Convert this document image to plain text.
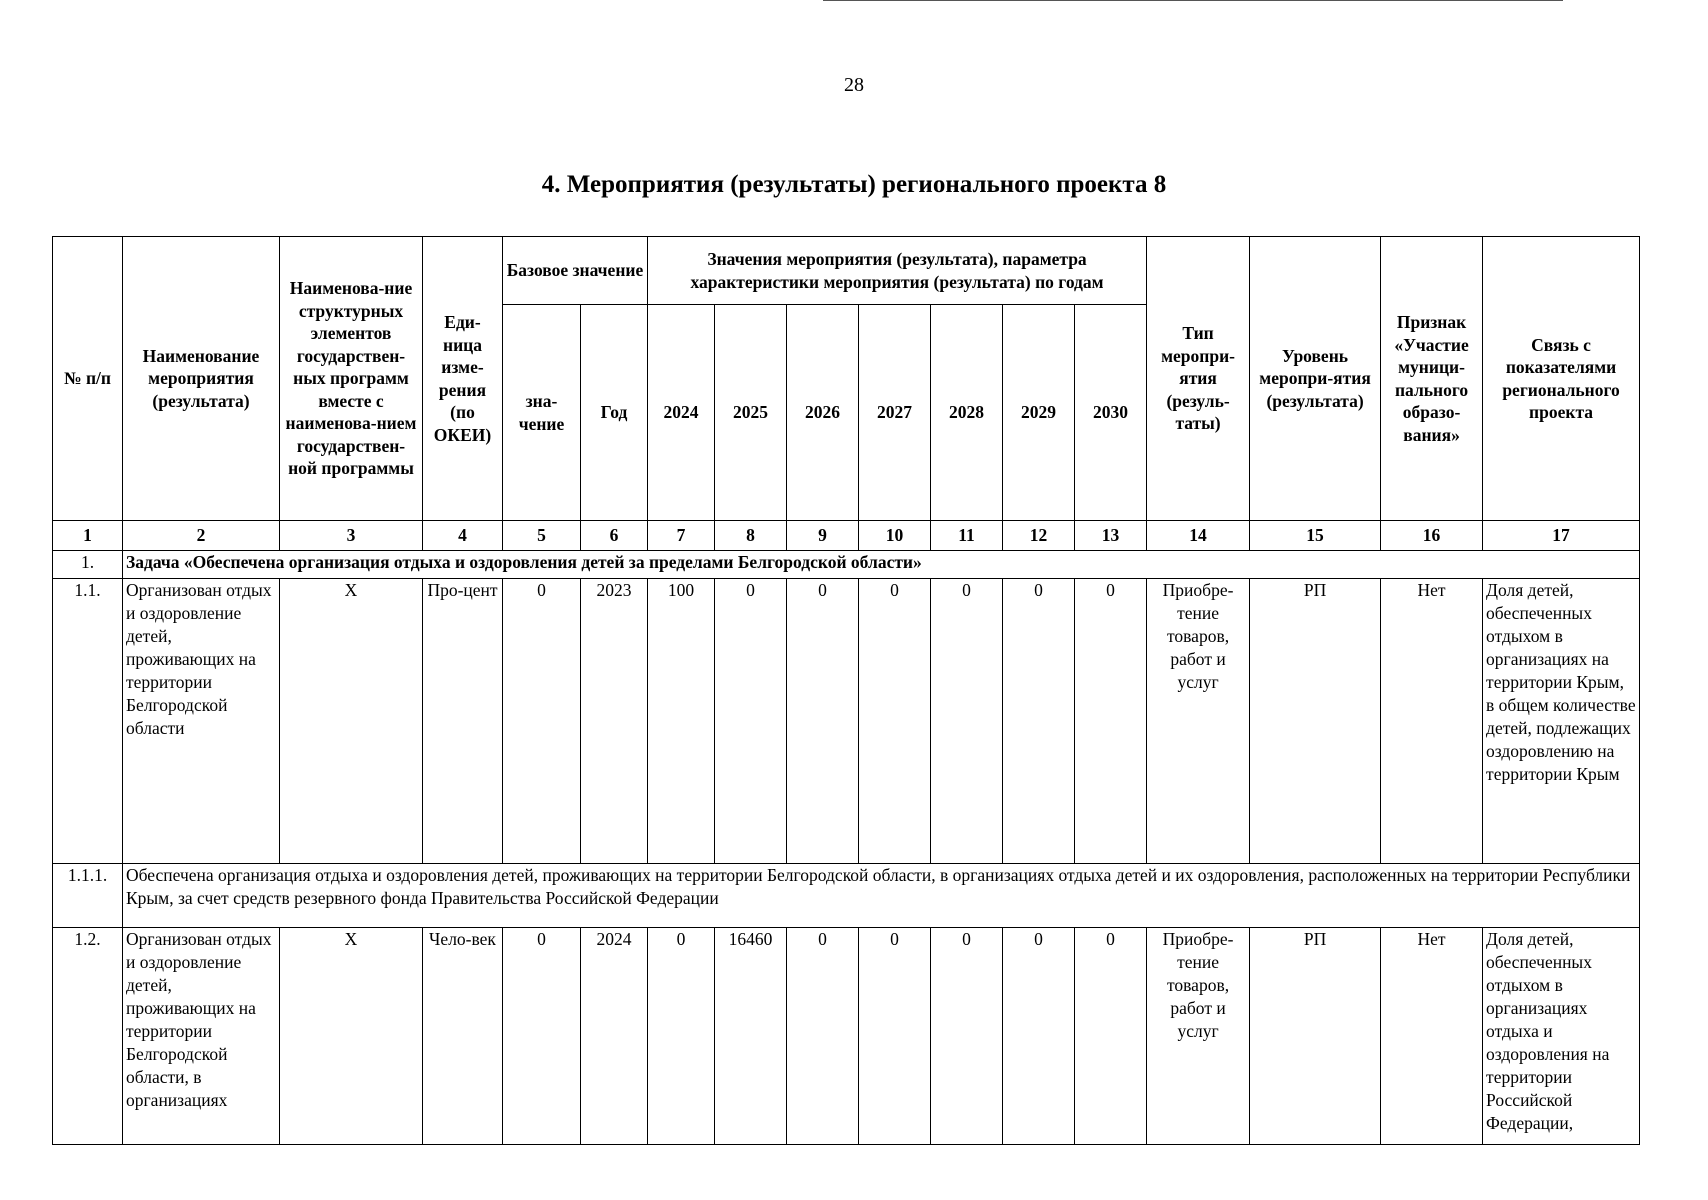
28
4. Мероприятия (результаты) регионального проекта 8
№ п/п	Наименование мероприятия (результата)	Наименова-ние структурных элементов государствен-ных программ вместе с наименова-нием государствен-ной программы	Еди-ница изме-рения (по ОКЕИ)	Базовое значение		Значения мероприятия (результата), параметра характеристики мероприятия (результата) по годам							Тип меропри-ятия (резуль-таты)	Уровень меропри-ятия (результата)	Признак «Участие муници-пального образо-вания»	Связь с показателями регионального проекта
				зна-чение	Год	2024	2025	2026	2027	2028	2029	2030				
1	2	3	4	5	6	7	8	9	10	11	12	13	14	15	16	17
1.	Задача «Обеспечена организация отдыха и оздоровления детей за пределами Белгородской области»															
1.1.	Организован отдых и оздоровление детей, проживающих на территории Белгородской области	Х	Про-цент	0	2023	100	0	0	0	0	0	0	Приобре-тение товаров, работ и услуг	РП	Нет	Доля детей, обеспеченных отдыхом в организациях на территории Крым, в общем количестве детей, подлежащих оздоровлению на территории Крым
1.1.1.	Обеспечена организация отдыха и оздоровления детей, проживающих на территории Белгородской области, в организациях отдыха детей и их оздоровления, расположенных на территории Республики Крым, за счет средств резервного фонда Правительства Российской Федерации															
1.2.	Организован отдых и оздоровление детей, проживающих на территории Белгородской области, в организациях	Х	Чело-век	0	2024	0	16460	0	0	0	0	0	Приобре-тение товаров, работ и услуг	РП	Нет	Доля детей, обеспеченных отдыхом в организациях отдыха и оздоровления на территории Российской Федерации,
